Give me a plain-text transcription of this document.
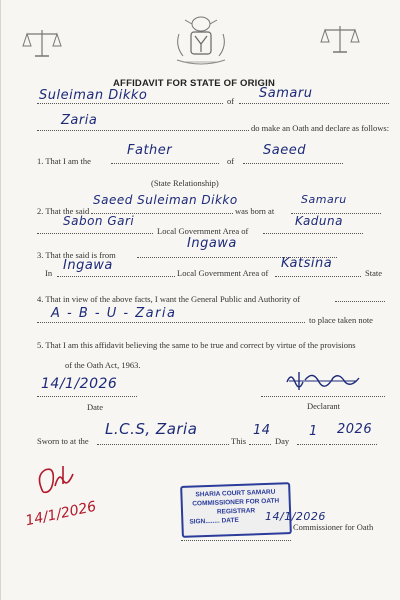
AFFIDAVIT FOR STATE OF ORIGIN
Suleiman Dikko	of Samaru
Zaria	do make an Oath and declare as follows:
1. That I am the
Father
of
Saeed
(State Relationship)
2. That the said
Saeed Suleiman Dikko
was born at
Samaru
Sabon Gari
Local Government Area of
Kaduna
3. That the said is from
Ingawa
In Ingawa	Local Government Area of
Katsina
State
4. That in view of the above facts, I want the General Public and Authority of
A - B - U - Zaria	to place taken note
5. That I am this affidavit believing the same to be true and correct by virtue of the provisions
of the Oath Act, 1963.
14/1/2026
Date	Declarant
Sworn to at the
L.C.S, Zaria
This
14
Day
1 2026
14/1/2026
SHARIA COURT SAMARU
COMMISSIONER FOR OATH
REGISTRAR
SIGN........ DATE	14/1/2026
Commissioner for Oath
